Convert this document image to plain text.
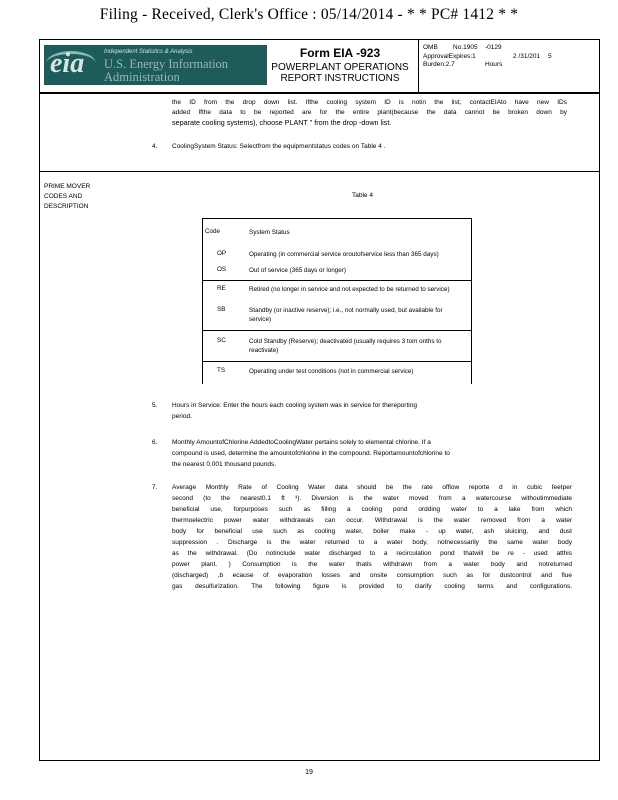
Filing - Received, Clerk's Office : 05/14/2014 - * * PC# 1412 * *
eia	Independent Statistics & Analysis
U.S. Energy Information
Administration
Form EIA -923
POWERPLANT OPERATIONS
REPORT INSTRUCTIONS
OMB No.1905 -0129
ApprovalExpires:1	2 /31/201 5
Burden:2.7	Hours
the ID from the drop down list. Ifthe cooling system ID is notin the list, contactEIAto have new IDs
added Ifthe data to be reported are for the entire plant(because the data cannot be broken down by
separate cooling systems), choose PLANT " from the drop -down list.
4. CoolingSystem Status: Selectfrom the equipmentstatus codes on Table 4 .
PRIME MOVER
CODES AND
DESCRIPTION
Table 4
Code	System Status
OP	Operating (in commercial service oroutofservice less than 365 days)
OS	Out of service (365 days or longer)
RE	Retired (no longer in service and not expected to be returned to service)
SB	Standby (or inactive reserve); i.e., not normally used, but available for service)
SC	Cold Standby (Reserve); deactivated (usually requires 3 tom onths to reactivate)
TS	Operating under test conditions (not in commercial service)
5. Hours in Service: Enter the hours each cooling system was in service for thereporting
period.
6. Monthly AmountofChlorine AddedtoCoolingWater pertains solely to elemental chlorine. If a
compound is used, determine the amountofchlorine in the compound. Reportamountofchlorine to
the nearest 0.001 thousand pounds.
7. Average Monthly Rate of Cooling Water data should be the rate offlow reporte d in cubic feetper
second (to the nearest0.1 ft ³). Diversion is the water moved from a watercourse withoutimmediate
beneficial use, forpurposes such as filling a cooling pond ordding water to a lake from which
thermoelectric power water withdrawals can occur. Withdrawal is the water removed from a water
body for beneficial use such as cooling water, boiler make - up water, ash sluicing, and dust
suppression . Discharge is the water returned to a water body, notnecessarily the same water body
as the withdrawal. (Do notinclude water discharged to a recirculation pond thatwill be re - used atthis
power plant. ) Consumption is the water thatis withdrawn from a water body and notreturned
(discharged) ,b ecause of evaporation losses and onsite consumption such as for dustcontrol and flue
gas desulfurization. The following figure is provided to clarify cooling terms and configurations.
19
